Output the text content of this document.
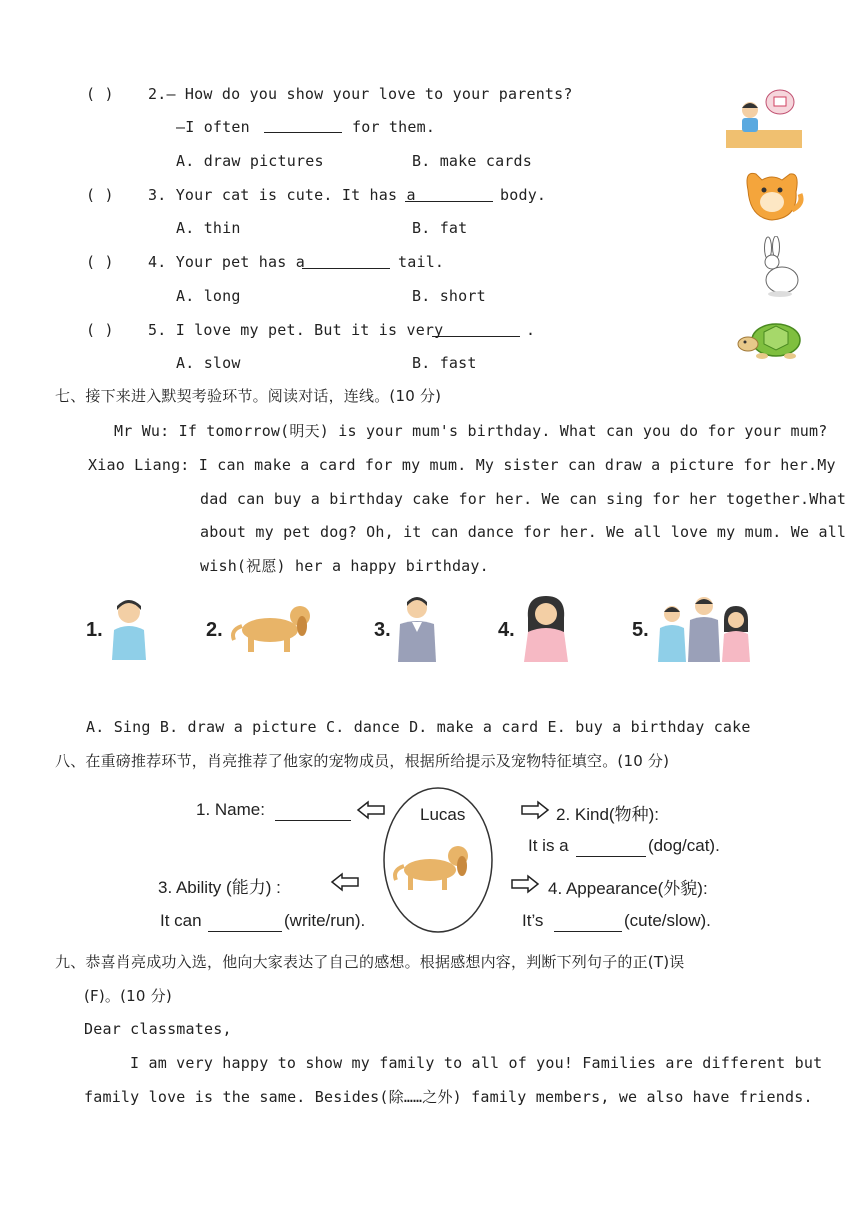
( ) 2.— How do you show your love to your parents?
—I often	for them.
A. draw pictures	B. make cards
( ) 3. Your cat is cute. It has a	body.
A. thin	B. fat
( ) 4. Your pet has a	tail.
A. long	B. short
( ) 5. I love my pet. But it is very	.
A. slow	B. fast
七、接下来进入默契考验环节。阅读对话，连线。(10 分)
Mr Wu: If tomorrow(明天) is your mum's birthday. What can you do for your mum?
Xiao Liang: I can make a card for my mum. My sister can draw a picture for her.My
dad can buy a birthday cake for her. We can sing for her together.What
about my pet dog? Oh, it can dance for her. We all love my mum. We all
wish(祝愿) her a happy birthday.
1.	2.	3.	4.	5.
A. Sing B. draw a picture C. dance D. make a card E. buy a birthday cake
八、在重磅推荐环节，肖亮推荐了他家的宠物成员，根据所给提示及宠物特征填空。(10 分)
1. Name:	Lucas	2. Kind(物种):
It is a	(dog/cat).
3. Ability (能力) :
It can	(write/run).
4. Appearance(外貌):
It’s	(cute/slow).
九、恭喜肖亮成功入选，他向大家表达了自己的感想。根据感想内容，判断下列句子的正(T)误
(F)。(10 分)
Dear classmates,
I am very happy to show my family to all of you! Families are different but
family love is the same. Besides(除……之外) family members, we also have friends.
